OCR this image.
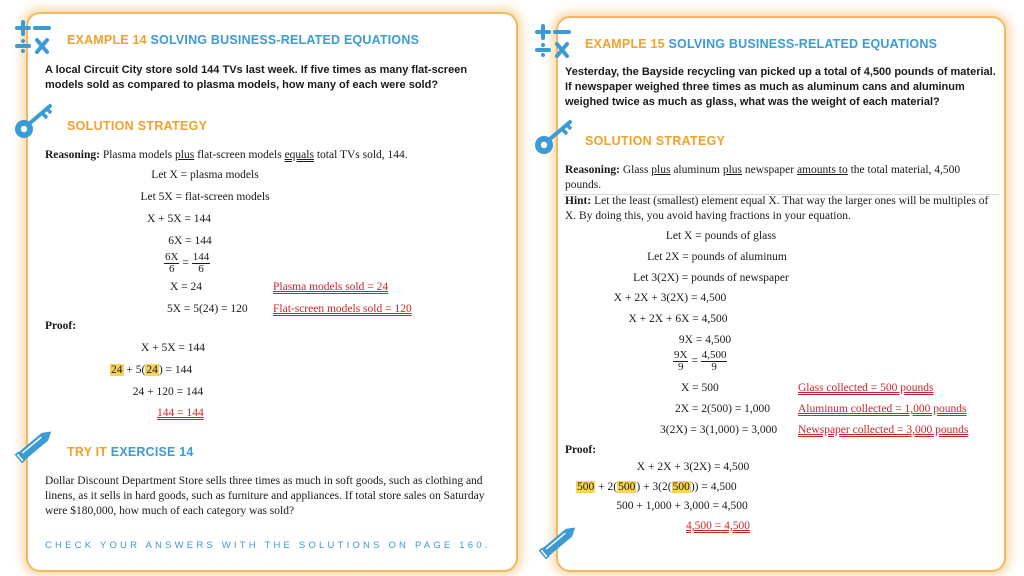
EXAMPLE 14 SOLVING BUSINESS-RELATED EQUATIONS
A local Circuit City store sold 144 TVs last week. If five times as many flat-screen models sold as compared to plasma models, how many of each were sold?
SOLUTION STRATEGY
Reasoning: Plasma models plus flat-screen models equals total TVs sold, 144.
Let X = plasma models
Let 5X = flat-screen models
X + 5X = 144
6X = 144
$\frac{6X}{6} = \frac{144}{6}$
X = 24	Plasma models sold = 24
5X = 5(24) = 120 Flat-screen models sold = 120
Proof:
X + 5X = 144
24 + 5(24) = 144
24 + 120 = 144
144 = 144
TRY IT EXERCISE 14
Dollar Discount Department Store sells three times as much in soft goods, such as clothing and linens, as it sells in hard goods, such as furniture and appliances. If total store sales on Saturday were $180,000, how much of each category was sold?
CHECK YOUR ANSWERS WITH THE SOLUTIONS ON PAGE 160.
EXAMPLE 15 SOLVING BUSINESS-RELATED EQUATIONS
Yesterday, the Bayside recycling van picked up a total of 4,500 pounds of material. If newspaper weighed three times as much as aluminum cans and aluminum weighed twice as much as glass, what was the weight of each material?
SOLUTION STRATEGY
Reasoning: Glass plus aluminum plus newspaper amounts to the total material, 4,500 pounds.
Hint: Let the least (smallest) element equal X. That way the larger ones will be multiples of X. By doing this, you avoid having fractions in your equation.
Let X = pounds of glass
Let 2X = pounds of aluminum
Let 3(2X) = pounds of newspaper
X + 2X + 3(2X) = 4,500
X + 2X + 6X = 4,500
9X = 4,500
$\frac{9X}{9} = \frac{4,500}{9}$
X = 500	Glass collected = 500 pounds
2X = 2(500) = 1,000 Aluminum collected = 1,000 pounds
3(2X) = 3(1,000) = 3,000 Newspaper collected = 3,000 pounds
Proof:
X + 2X + 3(2X) = 4,500
500 + 2(500) + 3(2(500)) = 4,500
500 + 1,000 + 3,000 = 4,500
4,500 = 4,500
